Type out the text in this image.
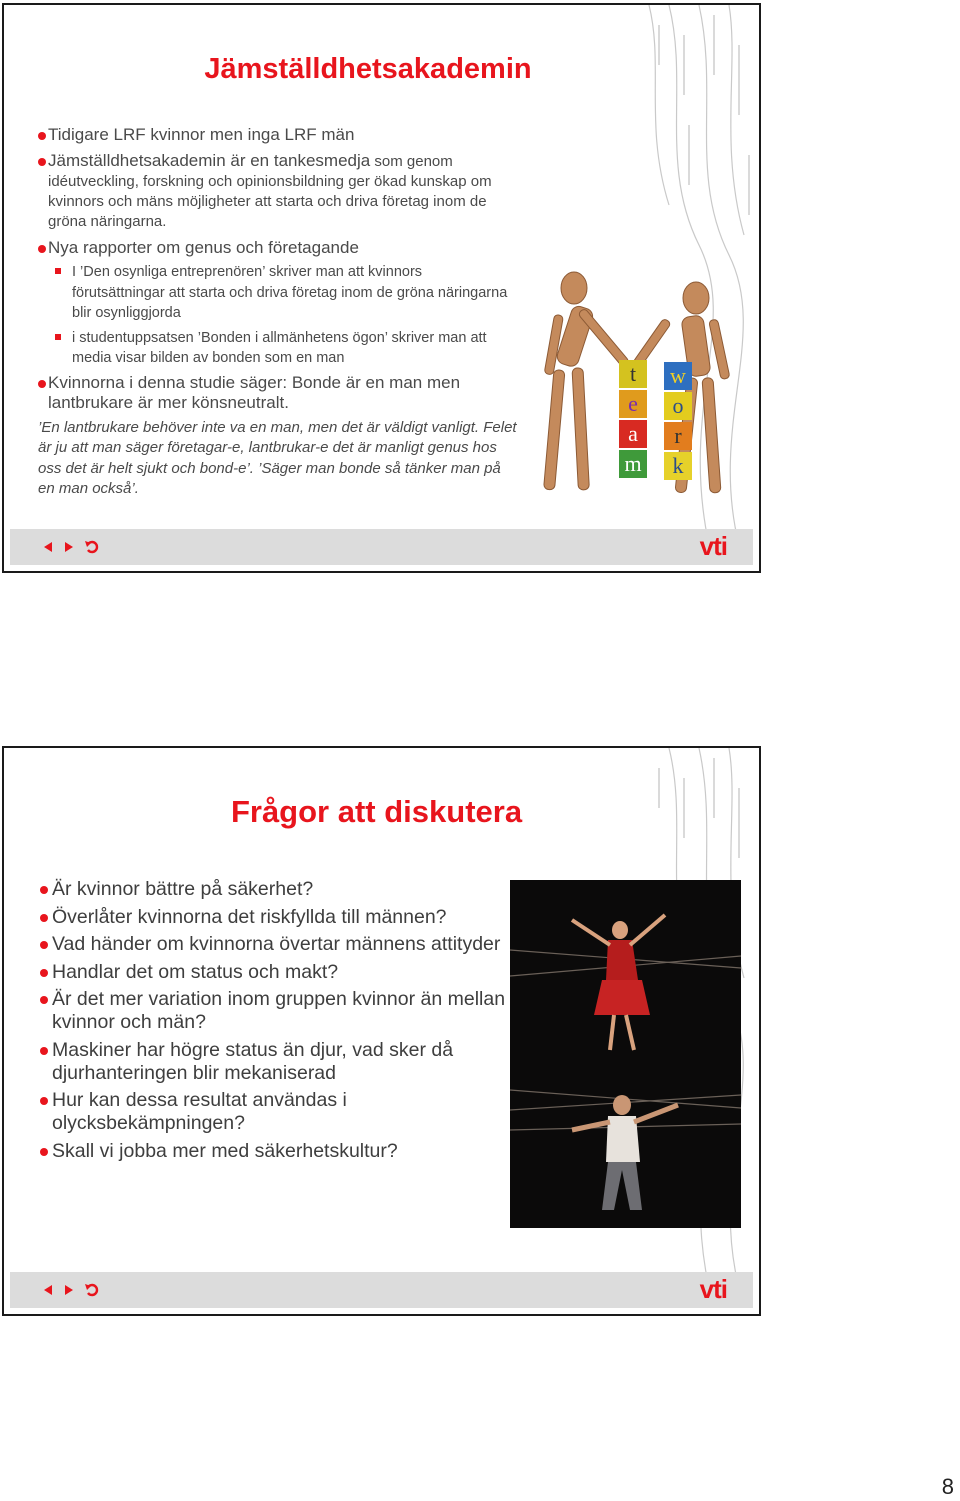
Jämställdhetsakademin

Tidigare LRF kvinnor men inga LRF män

Jämställdhetsakademin är en tankesmedja som genom idéutveckling, forskning och opinionsbildning ger ökad kunskap om kvinnors och mäns möjligheter att starta och driva företag inom de gröna näringarna.

Nya rapporter om genus och företagande

I ’Den osynliga entreprenören’ skriver man att kvinnors förutsättningar att starta och driva företag inom de gröna näringarna blir osynliggjorda

i studentuppsatsen ’Bonden i allmänhetens ögon’ skriver man att media visar bilden av bonden som en man

Kvinnorna i denna studie säger: Bonde är en man men lantbrukare är mer könsneutralt.

’En lantbrukare behöver inte va en man, men det är väldigt vanligt. Felet är ju att man säger företagar-e, lantbrukar-e det är manligt genus hos oss det är helt sjukt och bond-e’. ’Säger man bonde så tänker man på en man också’.

t
e
a
m
w
o
r
k
vti
Frågor att diskutera

Är kvinnor bättre på säkerhet?

Överlåter kvinnorna det riskfyllda till männen?

Vad händer om kvinnorna övertar männens attityder

Handlar det om status och makt?

Är det mer variation inom gruppen kvinnor än mellan kvinnor och män?

Maskiner har högre status än djur, vad sker då djurhanteringen blir mekaniserad

Hur kan dessa resultat användas i olycksbekämpningen?

Skall vi jobba mer med säkerhetskultur?

vti
8
